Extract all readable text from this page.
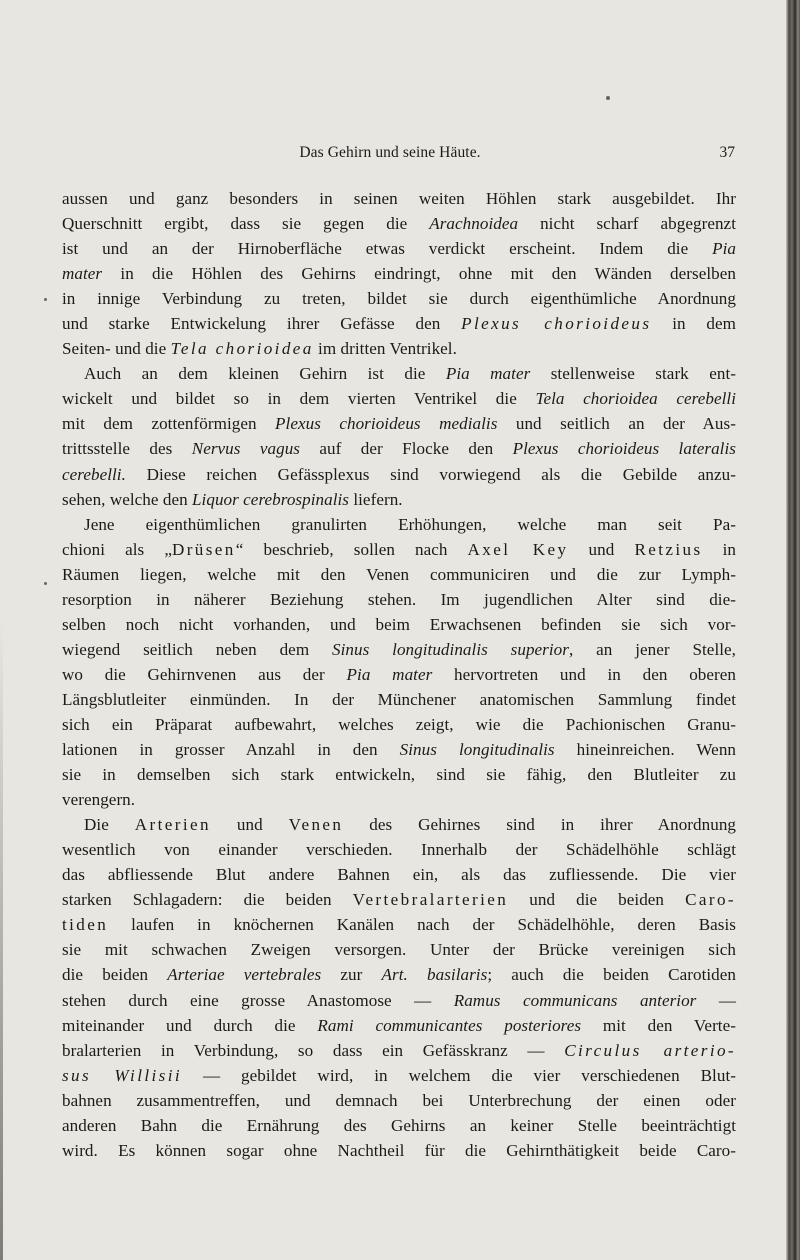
Das Gehirn und seine Häute.	37
aussen und ganz besonders in seinen weiten Höhlen stark ausgebildet. Ihr
Querschnitt ergibt, dass sie gegen die Arachnoidea nicht scharf abgegrenzt
ist und an der Hirnoberfläche etwas verdickt erscheint. Indem die Pia
mater in die Höhlen des Gehirns eindringt, ohne mit den Wänden derselben
in innige Verbindung zu treten, bildet sie durch eigenthümliche Anordnung
und starke Entwickelung ihrer Gefässe den Plexus chorioideus in dem
Seiten- und die Tela chorioidea im dritten Ventrikel.
Auch an dem kleinen Gehirn ist die Pia mater stellenweise stark ent-
wickelt und bildet so in dem vierten Ventrikel die Tela chorioidea cerebelli
mit dem zottenförmigen Plexus chorioideus medialis und seitlich an der Aus-
trittsstelle des Nervus vagus auf der Flocke den Plexus chorioideus lateralis
cerebelli. Diese reichen Gefässplexus sind vorwiegend als die Gebilde anzu-
sehen, welche den Liquor cerebrospinalis liefern.
Jene eigenthümlichen granulirten Erhöhungen, welche man seit Pa-
chioni als „Drüsen“ beschrieb, sollen nach Axel Key und Retzius in
Räumen liegen, welche mit den Venen communiciren und die zur Lymph-
resorption in näherer Beziehung stehen. Im jugendlichen Alter sind die-
selben noch nicht vorhanden, und beim Erwachsenen befinden sie sich vor-
wiegend seitlich neben dem Sinus longitudinalis superior, an jener Stelle,
wo die Gehirnvenen aus der Pia mater hervortreten und in den oberen
Längsblutleiter einmünden. In der Münchener anatomischen Sammlung findet
sich ein Präparat aufbewahrt, welches zeigt, wie die Pachionischen Granu-
lationen in grosser Anzahl in den Sinus longitudinalis hineinreichen. Wenn
sie in demselben sich stark entwickeln, sind sie fähig, den Blutleiter zu
verengern.
Die Arterien und Venen des Gehirnes sind in ihrer Anordnung
wesentlich von einander verschieden. Innerhalb der Schädelhöhle schlägt
das abfliessende Blut andere Bahnen ein, als das zufliessende. Die vier
starken Schlagadern: die beiden Vertebralarterien und die beiden Caro-
tiden laufen in knöchernen Kanälen nach der Schädelhöhle, deren Basis
sie mit schwachen Zweigen versorgen. Unter der Brücke vereinigen sich
die beiden Arteriae vertebrales zur Art. basilaris; auch die beiden Carotiden
stehen durch eine grosse Anastomose — Ramus communicans anterior —
miteinander und durch die Rami communicantes posteriores mit den Verte-
bralarterien in Verbindung, so dass ein Gefässkranz — Circulus arterio-
sus Willisii — gebildet wird, in welchem die vier verschiedenen Blut-
bahnen zusammentreffen, und demnach bei Unterbrechung der einen oder
anderen Bahn die Ernährung des Gehirns an keiner Stelle beeinträchtigt
wird. Es können sogar ohne Nachtheil für die Gehirnthätigkeit beide Caro-
